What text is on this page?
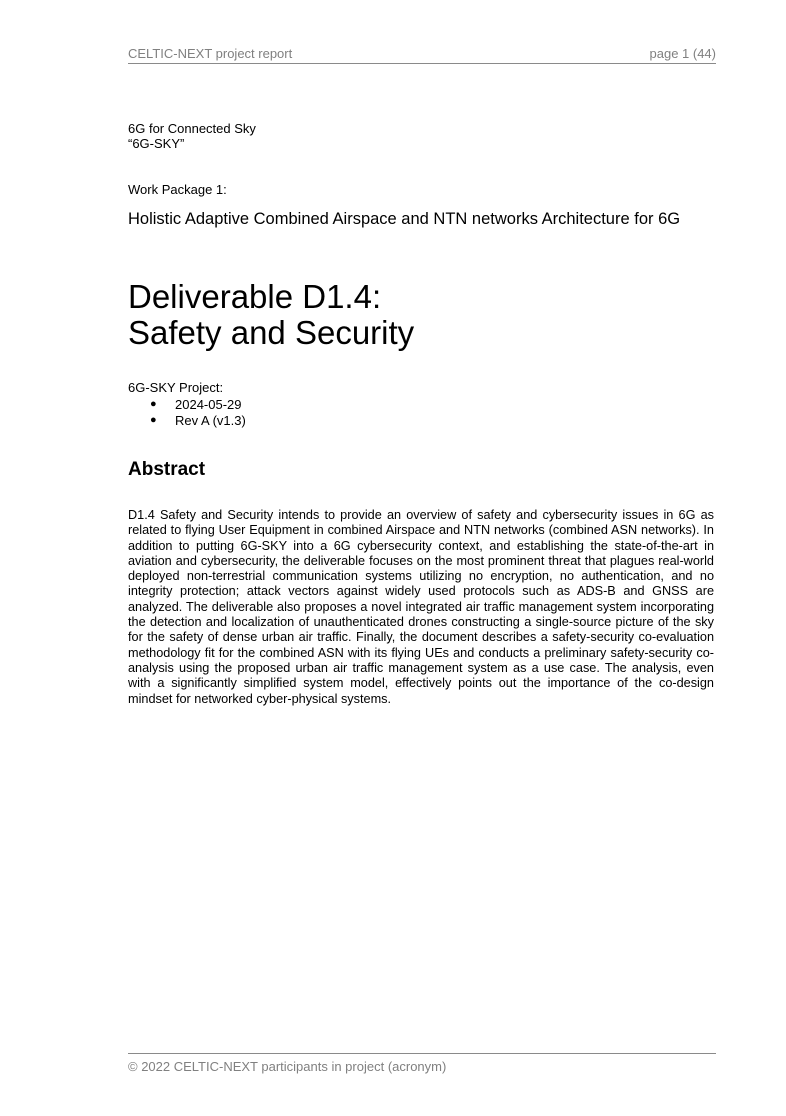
CELTIC-NEXT project report	page 1 (44)
6G for Connected Sky
“6G-SKY”
Work Package 1:
Holistic Adaptive Combined Airspace and NTN networks Architecture for 6G
Deliverable D1.4:
Safety and Security
6G-SKY Project:
● 2024-05-29
● Rev A (v1.3)
Abstract
D1.4 Safety and Security intends to provide an overview of safety and cybersecurity issues in 6G as related to flying User Equipment in combined Airspace and NTN networks (combined ASN networks). In addition to putting 6G-SKY into a 6G cybersecurity context, and establishing the state-of-the-art in aviation and cybersecurity, the deliverable focuses on the most prominent threat that plagues real-world deployed non-terrestrial communication systems utilizing no encryption, no authentication, and no integrity protection; attack vectors against widely used protocols such as ADS-B and GNSS are analyzed. The deliverable also proposes a novel integrated air traffic management system incorporating the detection and localization of unauthenticated drones constructing a single-source picture of the sky for the safety of dense urban air traffic. Finally, the document describes a safety-security co-evaluation methodology fit for the combined ASN with its flying UEs and conducts a preliminary safety-security co-analysis using the proposed urban air traffic management system as a use case. The analysis, even with a significantly simplified system model, effectively points out the importance of the co-design mindset for networked cyber-physical systems.
© 2022 CELTIC-NEXT participants in project (acronym)
